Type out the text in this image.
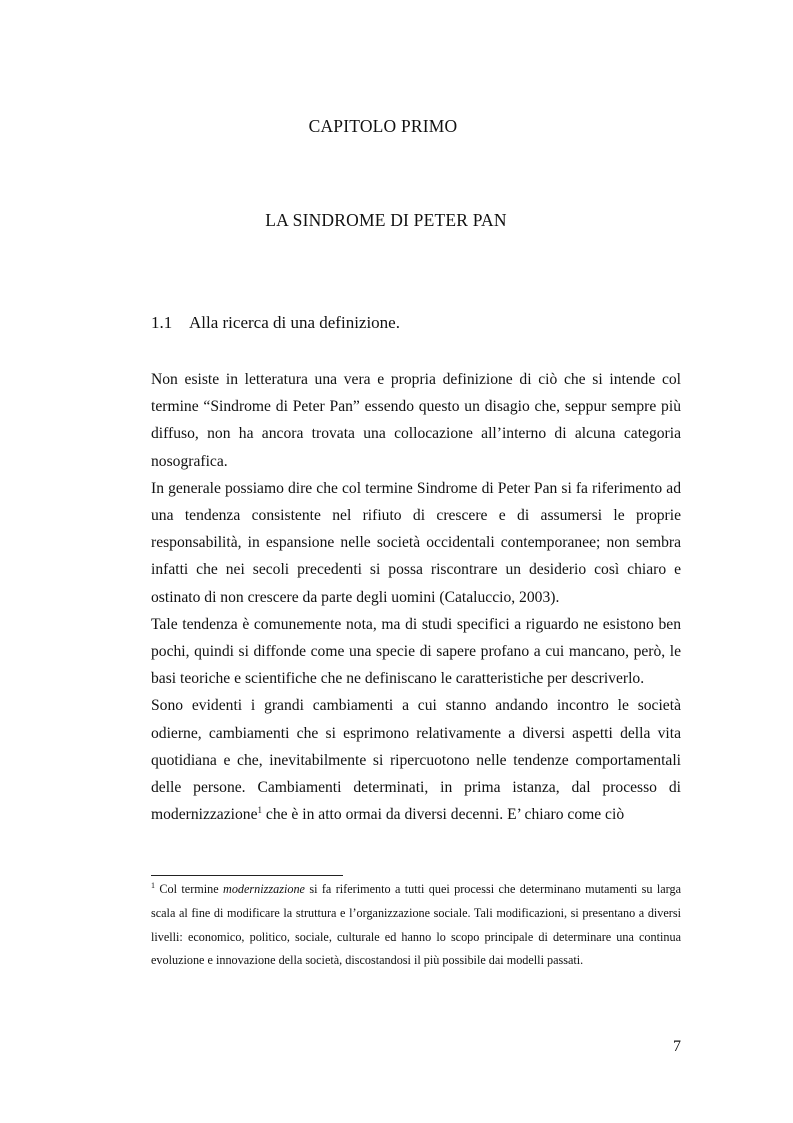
CAPITOLO PRIMO
LA SINDROME DI PETER PAN
1.1 Alla ricerca di una definizione.

Non esiste in letteratura una vera e propria definizione di ciò che si intende col termine “Sindrome di Peter Pan” essendo questo un disagio che, seppur sempre più diffuso, non ha ancora trovata una collocazione all’interno di alcuna categoria nosografica.

In generale possiamo dire che col termine Sindrome di Peter Pan si fa riferimento ad una tendenza consistente nel rifiuto di crescere e di assumersi le proprie responsabilità, in espansione nelle società occidentali contemporanee; non sembra infatti che nei secoli precedenti si possa riscontrare un desiderio così chiaro e ostinato di non crescere da parte degli uomini (Cataluccio, 2003).

Tale tendenza è comunemente nota, ma di studi specifici a riguardo ne esistono ben pochi, quindi si diffonde come una specie di sapere profano a cui mancano, però, le basi teoriche e scientifiche che ne definiscano le caratteristiche per descriverlo.

Sono evidenti i grandi cambiamenti a cui stanno andando incontro le società odierne, cambiamenti che si esprimono relativamente a diversi aspetti della vita quotidiana e che, inevitabilmente si ripercuotono nelle tendenze comportamentali delle persone. Cambiamenti determinati, in prima istanza, dal processo di modernizzazione$^1$ che è in atto ormai da diversi decenni. E’ chiaro come ciò

$^1$ Col termine modernizzazione si fa riferimento a tutti quei processi che determinano mutamenti su larga scala al fine di modificare la struttura e l’organizzazione sociale. Tali modificazioni, si presentano a diversi livelli: economico, politico, sociale, culturale ed hanno lo scopo principale di determinare una continua evoluzione e innovazione della società, discostandosi il più possibile dai modelli passati.

7
